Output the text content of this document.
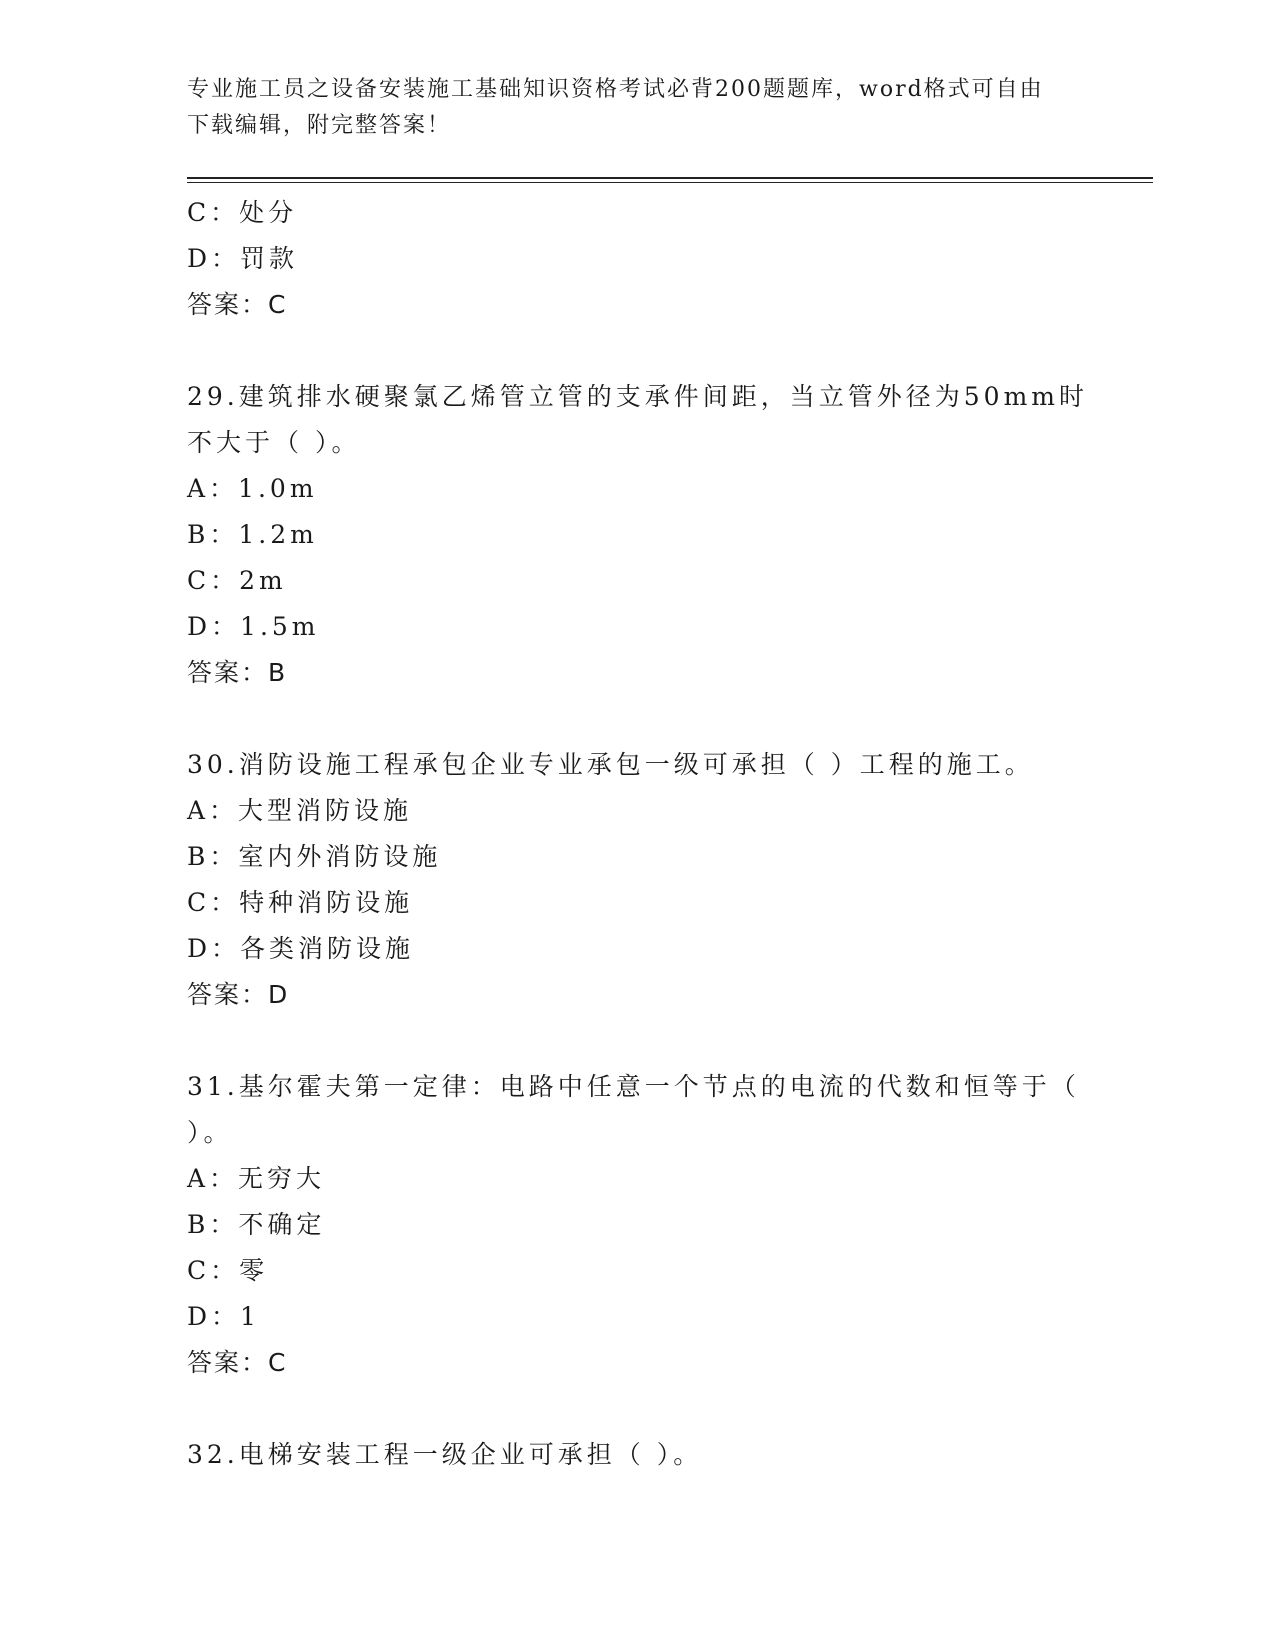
专业施工员之设备安装施工基础知识资格考试必背200题题库，word格式可自由
下载编辑，附完整答案！
C：处分
D：罚款
答案：C
29.建筑排水硬聚氯乙烯管立管的支承件间距，当立管外径为50mm时
不大于（ ）。
A：1.0m
B：1.2m
C：2m
D：1.5m
答案：B
30.消防设施工程承包企业专业承包一级可承担（ ）工程的施工。
A：大型消防设施
B：室内外消防设施
C：特种消防设施
D：各类消防设施
答案：D
31.基尔霍夫第一定律：电路中任意一个节点的电流的代数和恒等于（
）。
A：无穷大
B：不确定
C：零
D：1
答案：C
32.电梯安装工程一级企业可承担（ ）。
